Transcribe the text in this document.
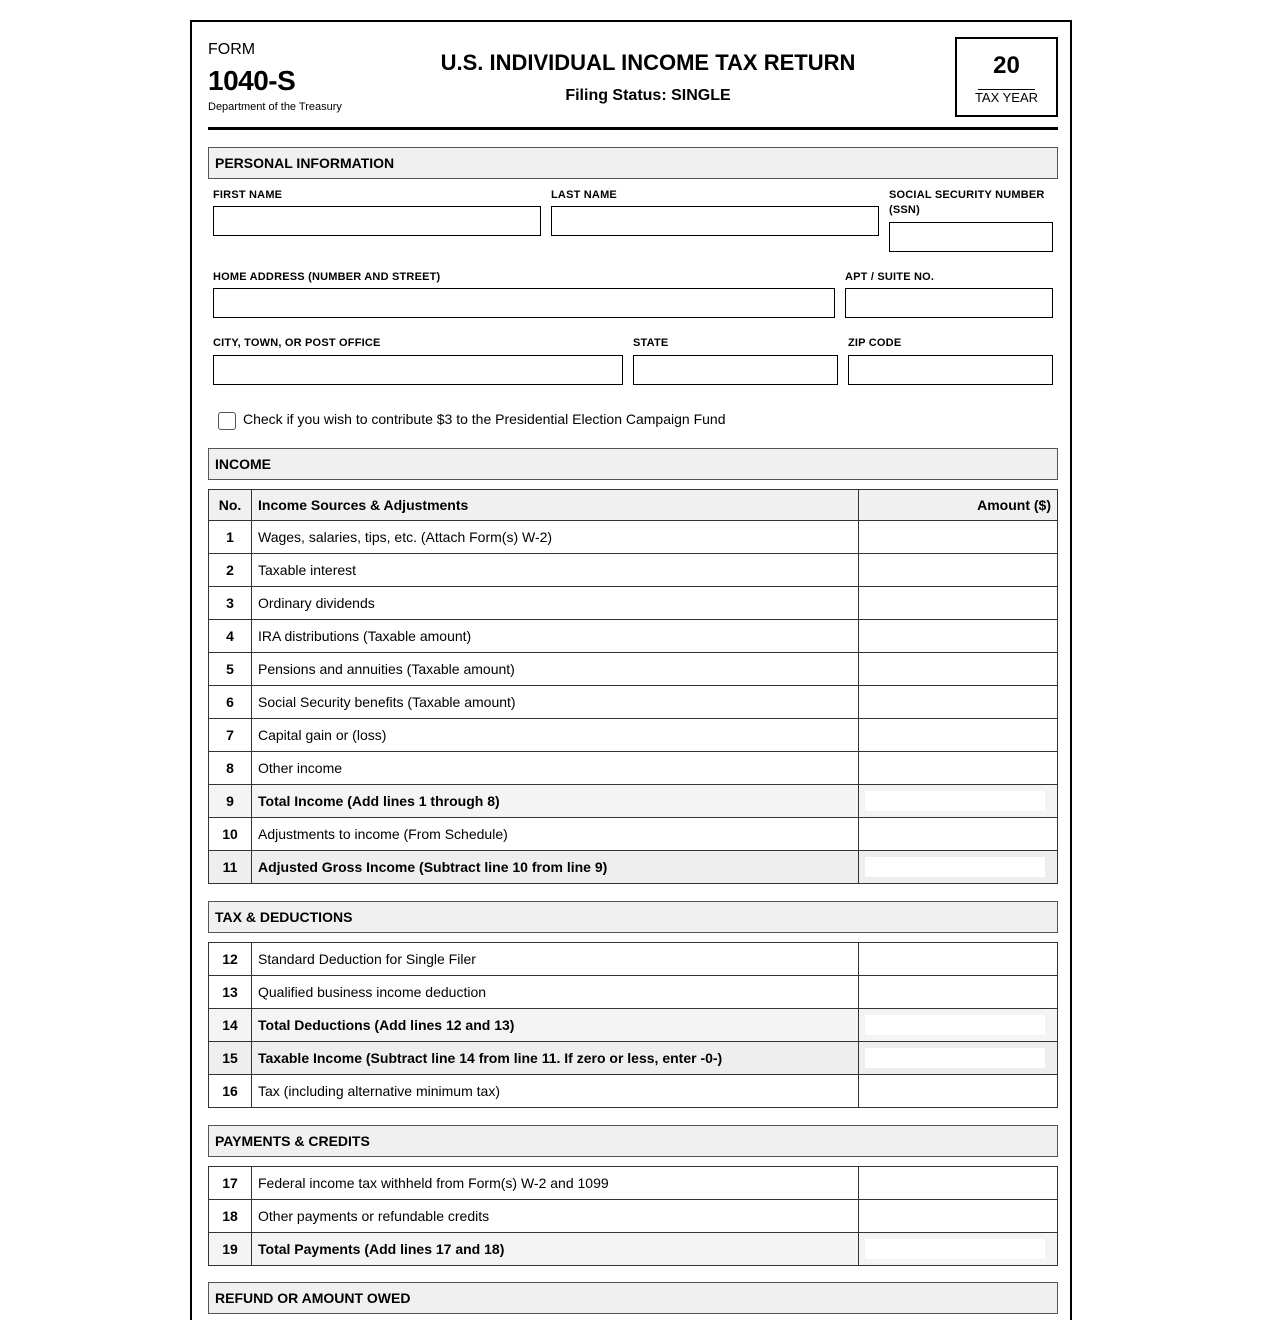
FORM
1040-S
Department of the Treasury
U.S. INDIVIDUAL INCOME TAX RETURN
Filing Status: SINGLE
20
TAX YEAR
PERSONAL INFORMATION
FIRST NAME	LAST NAME	SOCIAL SECURITY NUMBER (SSN)
HOME ADDRESS (NUMBER AND STREET)	APT / SUITE NO.
CITY, TOWN, OR POST OFFICE	STATE	ZIP CODE
Check if you wish to contribute $3 to the Presidential Election Campaign Fund
INCOME
No.	Income Sources & Adjustments	Amount ($)
1	Wages, salaries, tips, etc. (Attach Form(s) W-2)	
2	Taxable interest	
3	Ordinary dividends	
4	IRA distributions (Taxable amount)	
5	Pensions and annuities (Taxable amount)	
6	Social Security benefits (Taxable amount)	
7	Capital gain or (loss)	
8	Other income	
9	Total Income (Add lines 1 through 8)	

10	Adjustments to income (From Schedule)	
11	Adjusted Gross Income (Subtract line 10 from line 9)	
TAX & DEDUCTIONS
12	Standard Deduction for Single Filer	
13	Qualified business income deduction	
14	Total Deductions (Add lines 12 and 13)	

15	Taxable Income (Subtract line 14 from line 11. If zero or less, enter -0-)	

16	Tax (including alternative minimum tax)	
PAYMENTS & CREDITS
17	Federal income tax withheld from Form(s) W-2 and 1099	
18	Other payments or refundable credits	
19	Total Payments (Add lines 17 and 18)	
REFUND OR AMOUNT OWED
